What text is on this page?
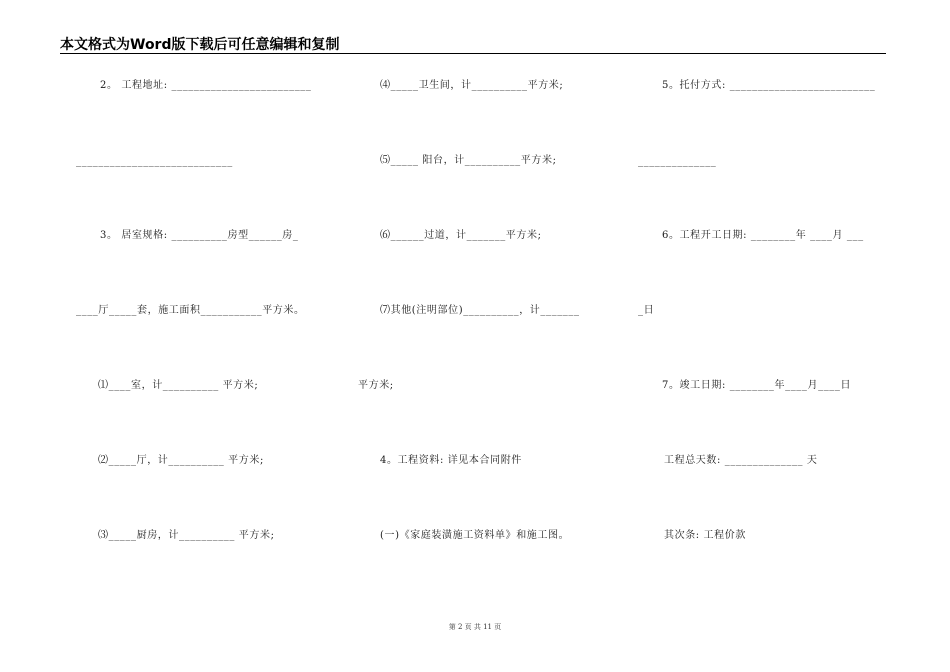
本文格式为Word版下载后可任意编辑和复制
2。 工程地址: _________________________
____________________________
3。 居室规格: __________房型______房_
____厅_____套，施工面积___________平方米。
⑴____室，计__________ 平方米;
⑵_____厅，计__________ 平方米;
⑶_____厨房，计__________ 平方米;
⑷_____卫生间，计__________平方米;
⑸_____ 阳台，计__________平方米;
⑹______过道，计_______平方米;
⑺其他(注明部位)__________，计_______
平方米;
4。工程资料: 详见本合同附件
(一)《家庭装潢施工资料单》和施工图。
5。托付方式: __________________________
______________
6。工程开工日期: ________年 ____月 ___
_日
7。竣工日期: ________年____月____日
工程总天数: ______________ 天
其次条: 工程价款
第 2 页 共 11 页
